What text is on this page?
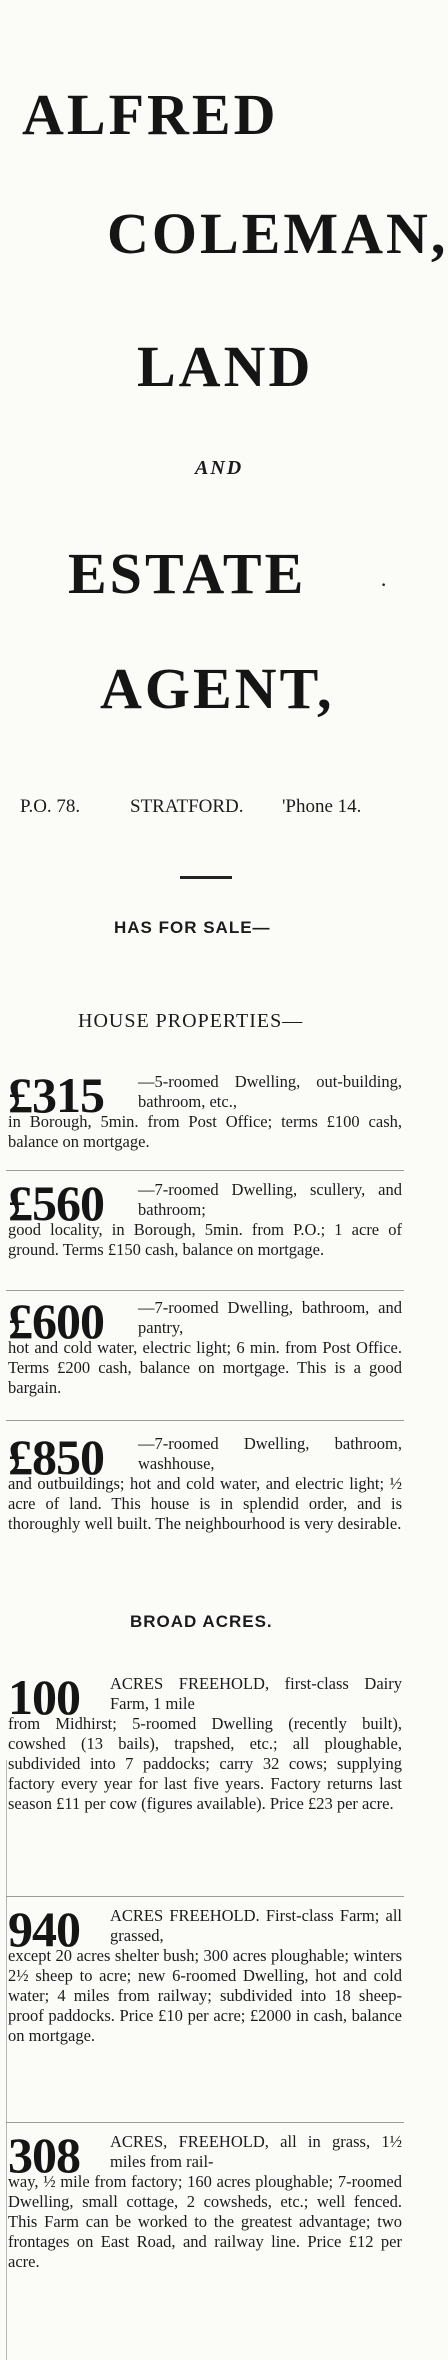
ALFRED
COLEMAN,
LAND
AND
ESTATE	·
AGENT,
P.O. 78.	STRATFORD. 'Phone 14.
HAS FOR SALE—
HOUSE PROPERTIES—
£315 —5-roomed Dwelling, out-building, bathroom, etc.,
in Borough, 5min. from Post Office; terms £100 cash, balance on mortgage.
£560 —7-roomed Dwelling, scullery, and bathroom;
good locality, in Borough, 5min. from P.O.; 1 acre of ground. Terms £150 cash, balance on mortgage.
£600 —7-roomed Dwelling, bathroom, and pantry,
hot and cold water, electric light; 6 min. from Post Office. Terms £200 cash, balance on mortgage. This is a good bargain.
£850 —7-roomed Dwelling, bathroom, washhouse,
and outbuildings; hot and cold water, and electric light; ½ acre of land. This house is in splendid order, and is thoroughly well built. The neighbourhood is very desirable.
BROAD ACRES.
100 ACRES FREEHOLD, first-class Dairy Farm, 1 mile
from Midhirst; 5-roomed Dwelling (recently built), cowshed (13 bails), trapshed, etc.; all ploughable, subdivided into 7 paddocks; carry 32 cows; supplying factory every year for last five years. Factory returns last season £11 per cow (figures available). Price £23 per acre.
940 ACRES FREEHOLD. First-class Farm; all grassed,
except 20 acres shelter bush; 300 acres ploughable; winters 2½ sheep to acre; new 6-roomed Dwelling, hot and cold water; 4 miles from railway; subdivided into 18 sheep-proof paddocks. Price £10 per acre; £2000 in cash, balance on mortgage.
308 ACRES, FREEHOLD, all in grass, 1½ miles from rail-
way, ½ mile from factory; 160 acres ploughable; 7-roomed Dwelling, small cottage, 2 cowsheds, etc.; well fenced. This Farm can be worked to the greatest advantage; two frontages on East Road, and railway line. Price £12 per acre.
